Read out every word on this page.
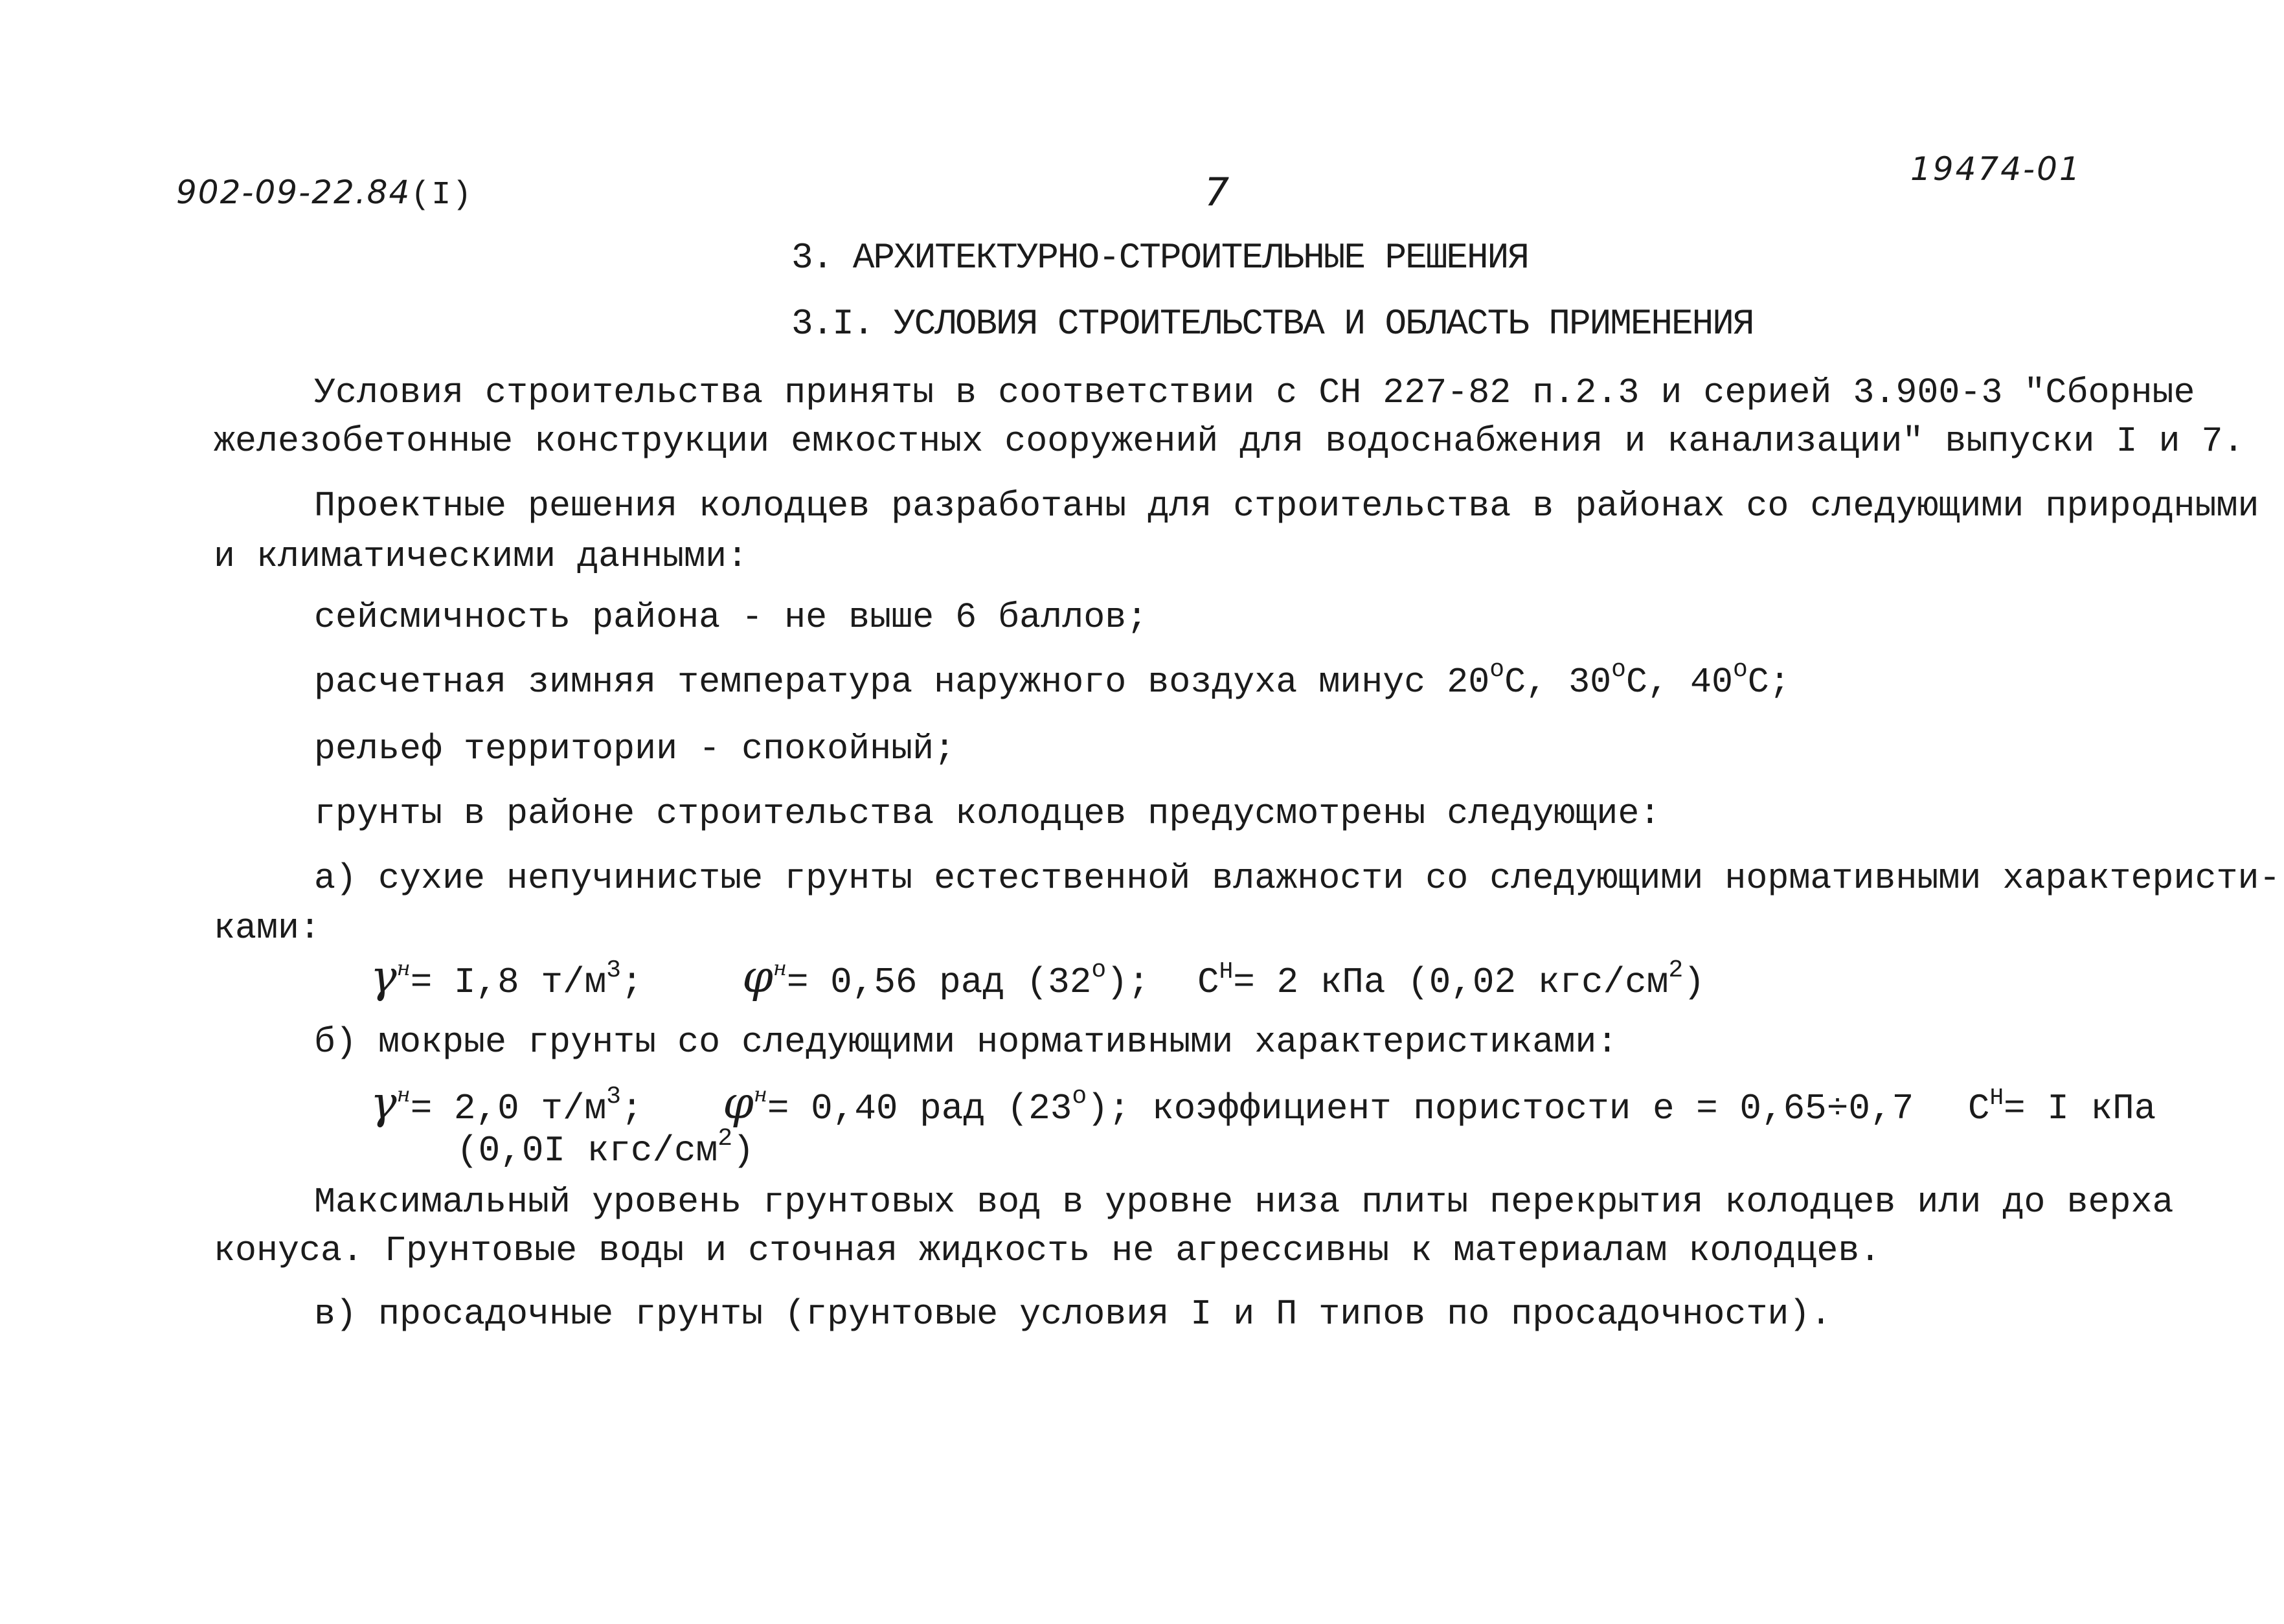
902-09-22.84(I)	7
19474-01
3. АРХИТЕКТУРНО-СТРОИТЕЛЬНЫЕ РЕШЕНИЯ
3.I. УСЛОВИЯ СТРОИТЕЛЬСТВА И ОБЛАСТЬ ПРИМЕНЕНИЯ
Условия строительства приняты в соответствии с СН 227-82 п.2.3 и серией 3.900-3 "Сборные
железобетонные конструкции емкостных сооружений для водоснабжения и канализации" выпуски I и 7.
Проектные решения колодцев разработаны для строительства в районах со следующими природными
и климатическими данными:
сейсмичность района - не выше 6 баллов;
расчетная зимняя температура наружного воздуха минус $20^оС$, $30^оС$, $40^оС$;
рельеф территории - спокойный;
грунты в районе строительства колодцев предусмотрены следующие:
а) сухие непучинистые грунты естественной влажности со следующими нормативными характеристи-
ками:
$\gamma^н= I,8$ $т/м^3$; $\varphi^н= 0,56$ рад $(32^о)$; $С^Н= 2$ кПа (0,02 кгс/$см^2$)
б) мокрые грунты со следующими нормативными характеристиками:
$\gamma^н= 2,0$ $т/м^3$; $\varphi^н= 0,40$ рад $(23^о)$; коэффициент пористости е = 0,65÷0,7 $С^Н= I$ кПа
(0,0I кгс/$см^2$)
Максимальный уровень грунтовых вод в уровне низа плиты перекрытия колодцев или до верха
конуса. Грунтовые воды и сточная жидкость не агрессивны к материалам колодцев.
в) просадочные грунты (грунтовые условия I и П типов по просадочности).
